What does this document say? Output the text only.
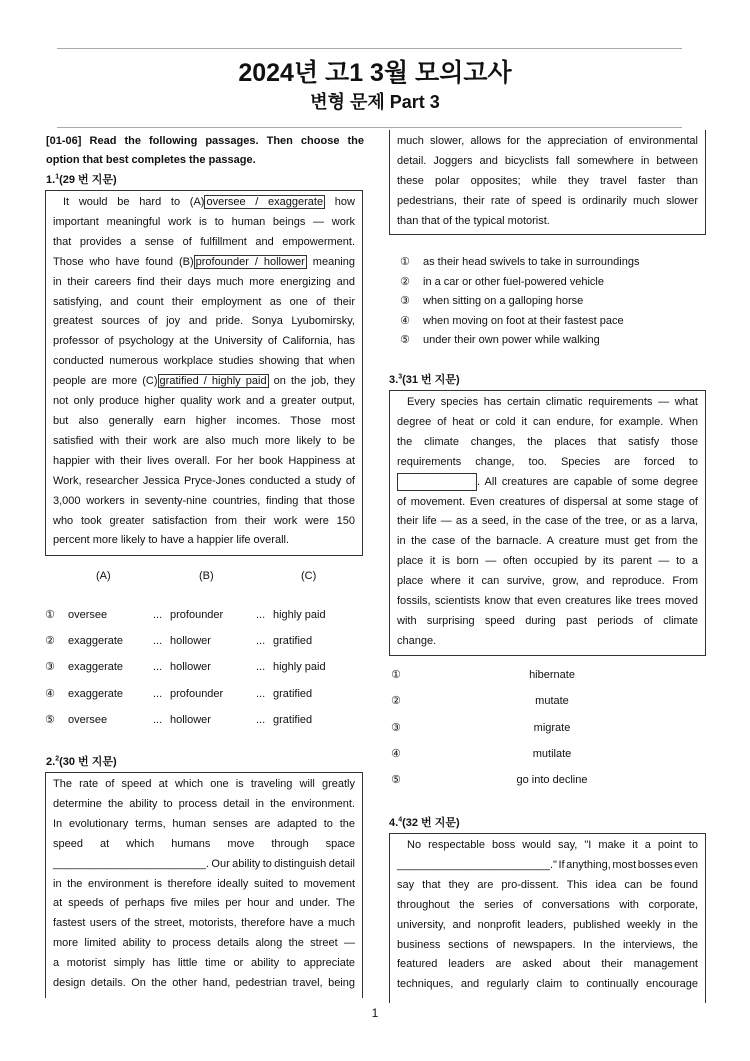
2024년 고1 3월 모의고사
변형 문제 Part 3
[01-06] Read the following passages. Then choose the
option that best completes the passage.
1.$^1$(29 번 지문)
It would be hard to (A) oversee / exaggerate how
important meaningful work is to human beings — work
that provides a sense of fulfillment and empowerment.
Those who have found (B) profounder / hollower meaning
in their careers find their days much more energizing and
satisfying, and count their employment as one of their
greatest sources of joy and pride. Sonya Lyubomirsky,
professor of psychology at the University of California, has
conducted numerous workplace studies showing that when
people are more (C) gratified / highly paid on the job, they
not only produce higher quality work and a greater output,
but also generally earn higher incomes. Those most
satisfied with their work are also much more likely to be
happier with their lives overall. For her book Happiness at
Work, researcher Jessica Pryce-Jones conducted a study of
3,000 workers in seventy-nine countries, finding that those
who took greater satisfaction from their work were 150
percent more likely to have a happier life overall.
(A)	(B)	(C)
2.$^2$(30 번 지문)
The rate of speed at which one is traveling will greatly
determine the ability to process detail in the environment.
In evolutionary terms, human senses are adapted to the
speed at which humans move through space
_________________________. Our ability to distinguish detail
in the environment is therefore ideally suited to movement
at speeds of perhaps five miles per hour and under. The
fastest users of the street, motorists, therefore have a much
more limited ability to process details along the street —
a motorist simply has little time or ability to appreciate
design details. On the other hand, pedestrian travel, being
much slower, allows for the appreciation of environmental
detail. Joggers and bicyclists fall somewhere in between
these polar opposites; while they travel faster than
pedestrians, their rate of speed is ordinarily much slower
than that of the typical motorist.
3.$^3$(31 번 지문)
Every species has certain climatic requirements — what
degree of heat or cold it can endure, for example. When
the climate changes, the places that satisfy those
requirements change, too. Species are forced to
. All creatures are capable of some degree
of movement. Even creatures of dispersal at some stage of
their life — as a seed, in the case of the tree, or as a larva,
in the case of the barnacle. A creature must get from the
place it is born — often occupied by its parent — to a
place where it can survive, grow, and reproduce. From
fossils, scientists know that even creatures like trees moved
with surprising speed during past periods of climate
change.
4.$^4$(32 번 지문)
No respectable boss would say, "I make it a point to
_________________________." If anything, most bosses even
say that they are pro-dissent. This idea can be found
throughout the series of conversations with corporate,
university, and nonprofit leaders, published weekly in the
business sections of newspapers. In the interviews, the
featured leaders are asked about their management
techniques, and regularly claim to continually encourage
1
① oversee	profounder	highly paid
...	...
② exaggerate	hollower	gratified
...	...
③ exaggerate	hollower	highly paid
...	...
④ exaggerate	profounder	gratified
...	...
⑤ oversee	hollower	gratified
...	...
① as their head swivels to take in surroundings
② in a car or other fuel-powered vehicle
③ when sitting on a galloping horse
④ when moving on foot at their fastest pace
⑤ under their own power while walking
①	hibernate
②	mutate
③	migrate
④	mutilate
⑤	go into decline
